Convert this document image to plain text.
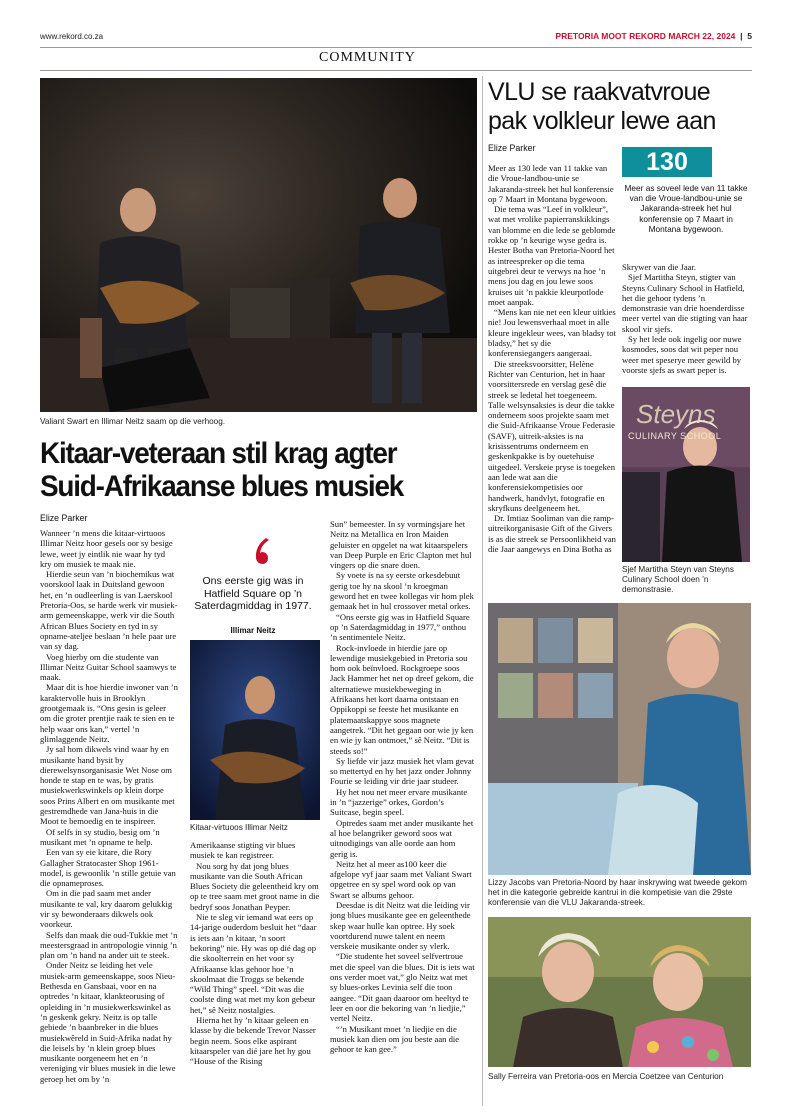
www.rekord.co.za	PRETORIA MOOT REKORD MARCH 22, 2024  |  5
COMMUNITY
Valiant Swart en Illimar Neitz saam op die verhoog.
Kitaar-veteraan stil krag agter
Suid-Afrikaanse blues musiek
Elize Parker

Wanneer ’n mens die kitaar-virtuoos Illimar Neitz hoor gesels oor sy besige lewe, weet jy eintlik nie waar hy tyd kry om musiek te maak nie.

Hierdie seun van ’n biochemikus wat voorskool laak in Duitsland gewoon het, en ’n oudleerling is van Laerskool Pretoria-Oos, se harde werk vir musiek-arm gemeenskappe, werk vir die South African Blues Society en tyd in sy opname-ateljee beslaan ’n hele paar ure van sy dag.

Voeg hierby om die studente van Illimar Neitz Guitar School saamwys te maak.

Maar dit is hoe hierdie inwoner van ’n karaktervolle huis in Brooklyn grootgemaak is. “Ons gesin is geleer om die groter prentjie raak te sien en te help waar ons kan,” vertel ’n glimlaggende Neitz.

Jy sal hom dikwels vind waar hy en musikante hand bysit by dierewelsynsorganisasie Wet Nose om honde te stap en te was, by gratis musiekwerkswinkels op klein dorpe soos Prins Albert en om musikante met gestremdhede van Jana-huis in die Moot te bemoedig en te inspireer.

Of selfs in sy studio, besig om ’n musikant met ’n opname te help.

Een van sy eie kitare, die Rory Gallagher Stratocaster Shop 1961-model, is gewoonlik ’n stille getuie van die opnameproses.

Om in die pad saam met ander musikante te val, kry daarom gelukkig vir sy bewonderaars dikwels ook voorkeur.

Selfs dan maak die oud-Tukkie met ’n meestersgraad in antropologie vinnig ’n plan om ’n hand na ander uit te steek.

Onder Neitz se leiding het vele musiek-arm gemeenskappe, soos Nieu-Bethesda en Gansbaai, voor en na optredes ’n kitaar, klankteorusing of opleiding in ’n musiekwerkswinkel as ’n geskenk gekry. Neitz is op talle gebiede ’n baanbreker in die blues musiekwêreld in Suid-Afrika nadat hy die leisels by ’n klein groep blues musikante oorgeneem het en ’n vereniging vir blues musiek in die lewe geroep het om by ’n

Ons eerste gig was in Hatfield Square op ’n Saterdagmiddag in 1977.
Illimar Neitz
Kitaar-virtuoos Illimar Neitz

Amerikaanse stigting vir blues musiek te kan registreer.

Nou sorg hy dat jong blues musikante van die South African Blues Society die geleentheid kry om op te tree saam met groot name in die bedryf soos Jonathan Peyper.

Nie te sleg vir iemand wat eers op 14-jarige ouderdom besluit het “daar is iets aan ’n kitaar, ’n soort bekoring” nie. Hy was op dié dag op die skoolterrein en het voor sy Afrikaanse klas gehoor hoe ’n skoolmaat die Troggs se bekende “Wild Thing” speel. “Dit was die coolste ding wat met my kon gebeur het,” sê Neitz nostalgies.

Hierna het hy ’n kitaar geleen en klasse by die bekende Trevor Nasser begin neem. Soos elke aspirant kitaarspeler van dié jare het hy gou “House of the Rising

Sun” bemeester. In sy vormingsjare het Neitz na Metallica en Iron Maiden geluister en opgelet na wat kitaarspelers van Deep Purple en Eric Clapton met hul vingers op die snare doen.

Sy voete is na sy eerste orkesdebuut gerig toe hy na skool ’n kroegman geword het en twee kollegas vir hom plek gemaak het in hul crossover metal orkes.

“Ons eerste gig was in Hatfield Square op ’n Saterdagmiddag in 1977,” onthou ’n sentimentele Neitz.

Rock-invloede in hierdie jare op lewendige musiekgebied in Pretoria sou hom ook beïnvloed. Rockgroepe soos Jack Hammer het net op dreef gekom, die alternatiewe musiekbeweging in Afrikaans het kort daarna ontstaan en Oppikoppi se feeste het musikante en platemaatskappye soos magnete aangetrek. “Dit het gegaan oor wie jy ken en wie jy kan ontmoet,” sê Neitz. “Dit is steeds so!”

Sy liefde vir jazz musiek het vlam gevat so mettertyd en hy het jazz onder Johnny Fourie se leiding vir drie jaar studeer.

Hy het nou net meer ervare musikante in ’n “jazzerige” orkes, Gordon’s Suitcase, begin speel.

Optredes saam met ander musikante het al hoe belangriker geword soos wat uitnodigings van alle oorde aan hom gerig is.

Neitz het al meer as100 keer die afgelope vyf jaar saam met Valiant Swart opgetree en sy spel word ook op van Swart se albums gehoor.

Deesdae is dit Neitz wat die leiding vir jong blues musikante gee en geleenthede skep waar hulle kan optree. Hy soek voortdurend nuwe talent en neem verskeie musikante onder sy vlerk.

“Die studente het soveel selfvertroue met die speel van die blues. Dit is iets wat ons verder moet vat,” glo Neitz wat met sy blues-orkes Levinia self die toon aangee. “Dit gaan daaroor om heeltyd te leer en oor die bekoring van ’n liedjie,” vertel Neitz.

“’n Musikant moet ’n liedjie en die musiek kan dien om jou beste aan die gehoor te kan gee.”

VLU se raakvatvroue
pak volkleur lewe aan
Elize Parker	130
Meer as soveel lede van 11 takke van die Vroue-landbou-unie se Jakaranda-streek het hul konferensie op 7 Maart in Montana bygewoon.

Meer as 130 lede van 11 takke van die Vroue-landbou-unie se Jakaranda-streek het hul konferensie op 7 Maart in Montana bygewoon.

Die tema was “Leef in volkleur”, wat met vrolike papierranskikkings van blomme en die lede se geblomde rokke op ’n keurige wyse gedra is. Hester Botha van Pretoria-Noord het as intreespreker op die tema uitgebrei deur te verwys na hoe ’n mens jou dag en jou lewe soos kruises uit ’n pakkie kleurpotlode moet aanpak.

“Mens kan nie net een kleur uitkies nie! Jou lewensverhaal moet in alle kleure ingekleur wees, van bladsy tot bladsy,” het sy die konferensiegangers aangeraai.

Die streeksvoorsitter, Helène Richter van Centurion, het in haar voorsittersrede en verslag gesê die streek se ledetal het toegeneem. Talle welsynsaksies is deur die takke onderneem soos projekte saam met die Suid-Afrikaanse Vroue Federasie (SAVF), uitreik-aksies is na krisissentrums onderneem en geskenkpakke is by ouetehuise uitgedeel. Verskeie pryse is toegeken aan lede wat aan die konferensiekompetisies oor handwerk, handvlyt, fotografie en skryfkuns deelgeneem het.

Dr. Imtiaz Sooliman van die ramp-uitreikorganisasie Gift of the Givers is as die streek se Persoonlikheid van die Jaar aangewys en Dina Botha as

Skrywer van die Jaar.

Sjef Martitha Steyn, stigter van Steyns Culinary School in Hatfield, het die gehoor tydens ’n demonstrasie van drie hoenderdisse meer vertel van die stigting van haar skool vir sjefs.

Sy het lede ook ingelig oor nuwe kosmodes, soos dat wit peper nou weer met speserye meer gewild by voorste sjefs as swart peper is.

Steyns
CULINARY SCHOOL
Sjef Martitha Steyn van Steyns Culinary School doen ’n demonstrasie.
Lizzy Jacobs van Pretoria-Noord by haar inskrywing wat tweede gekom het in die kategorie gebreide kantrui in die kompetisie van die 29ste konferensie van die VLU Jakaranda-streek.
Sally Ferreira van Pretoria-oos en Mercia Coetzee van Centurion
